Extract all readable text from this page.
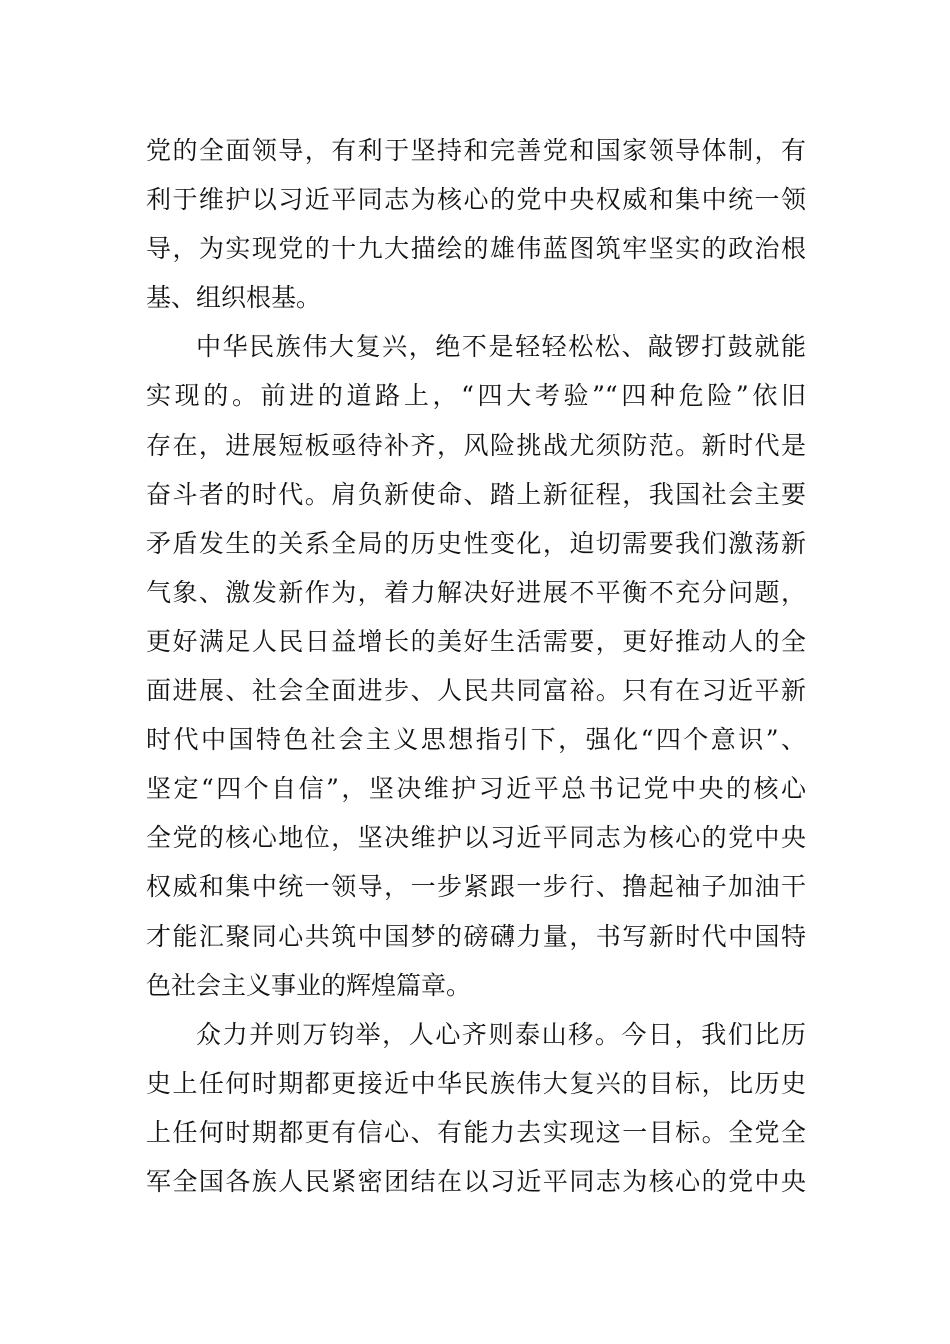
党的全面领导，有利于坚持和完善党和国家领导体制，有
利于维护以习近平同志为核心的党中央权威和集中统一领
导，为实现党的十九大描绘的雄伟蓝图筑牢坚实的政治根
基、组织根基。
中华民族伟大复兴，绝不是轻轻松松、敲锣打鼓就能
实现的。前进的道路上，“四大考验”“四种危险”依旧
存在，进展短板亟待补齐，风险挑战尤须防范。新时代是
奋斗者的时代。肩负新使命、踏上新征程，我国社会主要
矛盾发生的关系全局的历史性变化，迫切需要我们激荡新
气象、激发新作为，着力解决好进展不平衡不充分问题，
更好满足人民日益增长的美好生活需要，更好推动人的全
面进展、社会全面进步、人民共同富裕。只有在习近平新
时代中国特色社会主义思想指引下，强化“四个意识”、
坚定“四个自信”，坚决维护习近平总书记党中央的核心
全党的核心地位，坚决维护以习近平同志为核心的党中央
权威和集中统一领导，一步紧跟一步行、撸起袖子加油干
才能汇聚同心共筑中国梦的磅礴力量，书写新时代中国特
色社会主义事业的辉煌篇章。
众力并则万钧举，人心齐则泰山移。今日，我们比历
史上任何时期都更接近中华民族伟大复兴的目标，比历史
上任何时期都更有信心、有能力去实现这一目标。全党全
军全国各族人民紧密团结在以习近平同志为核心的党中央
